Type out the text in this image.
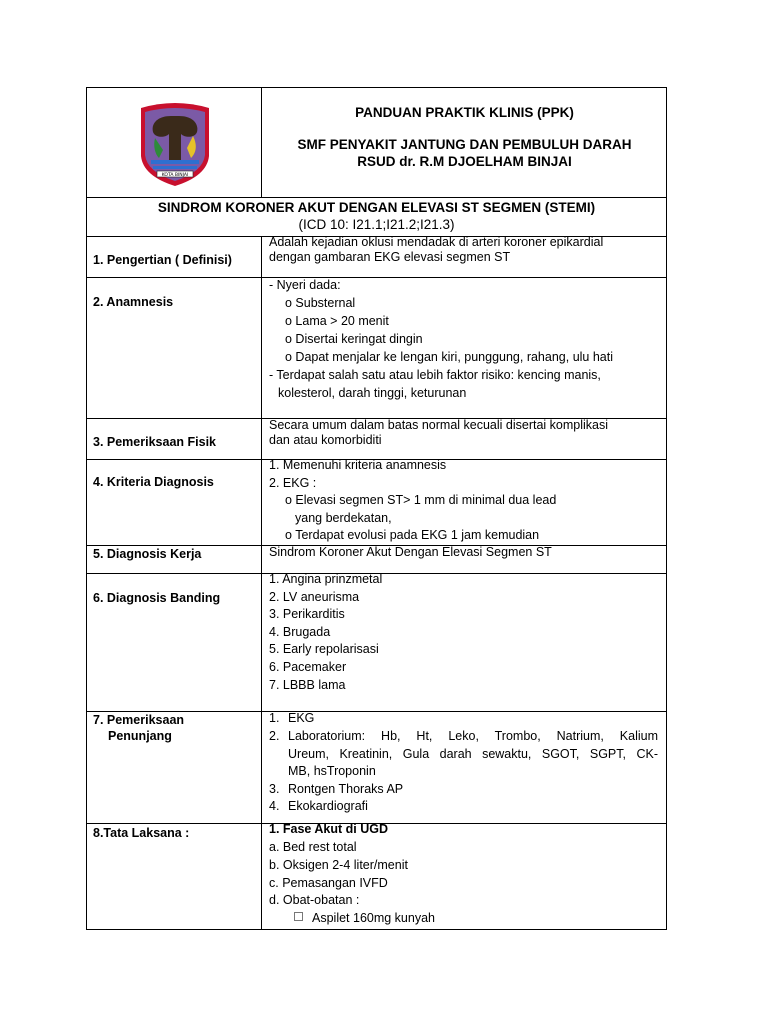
KOTA BINJAI
PANDUAN PRAKTIK KLINIS (PPK)
SMF PENYAKIT JANTUNG DAN PEMBULUH DARAH
RSUD dr. R.M DJOELHAM BINJAI
SINDROM KORONER AKUT DENGAN ELEVASI ST SEGMEN (STEMI)
(ICD 10: I21.1;I21.2;I21.3)
1. Pengertian ( Definisi)
Adalah kejadian oklusi mendadak di arteri koroner epikardial
dengan gambaran EKG elevasi segmen ST
2. Anamnesis
- Nyeri dada:
o Substernal
o Lama > 20 menit
o Disertai keringat dingin
o Dapat menjalar ke lengan kiri, punggung, rahang, ulu hati
- Terdapat salah satu atau lebih faktor risiko: kencing manis,
kolesterol, darah tinggi, keturunan
3. Pemeriksaan Fisik
Secara umum dalam batas normal kecuali disertai komplikasi
dan atau komorbiditi
4. Kriteria Diagnosis
1. Memenuhi kriteria anamnesis
2. EKG :
o Elevasi segmen ST> 1 mm di minimal dua lead
yang berdekatan,
o Terdapat evolusi pada EKG 1 jam kemudian
5. Diagnosis Kerja	Sindrom Koroner Akut Dengan Elevasi Segmen ST
6. Diagnosis Banding
1. Angina prinzmetal
2. LV aneurisma
3. Perikarditis
4. Brugada
5. Early repolarisasi
6. Pacemaker
7. LBBB lama
7. Pemeriksaan
Penunjang
1. EKG
2. Laboratorium: Hb, Ht, Leko, Trombo, Natrium, Kalium
Ureum, Kreatinin, Gula darah sewaktu, SGOT, SGPT, CK-
MB, hsTroponin
3. Rontgen Thoraks AP
4. Ekokardiografi
8.Tata Laksana :	1. Fase Akut di UGD
a. Bed rest total
b. Oksigen 2-4 liter/menit
c. Pemasangan IVFD
d. Obat-obatan :
Aspilet 160mg kunyah
